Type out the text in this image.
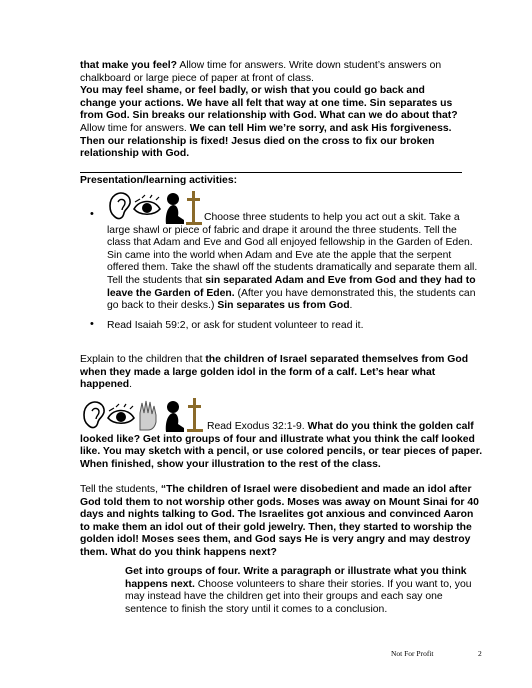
that make you feel? Allow time for answers. Write down student’s answers on
chalkboard or large piece of paper at front of class.
You may feel shame, or feel badly, or wish that you could go back and
change your actions. We have all felt that way at one time. Sin separates us
from God. Sin breaks our relationship with God. What can we do about that?
Allow time for answers. We can tell Him we’re sorry, and ask His forgiveness.
Then our relationship is fixed! Jesus died on the cross to fix our broken
relationship with God.
Presentation/learning activities:
•	Choose three students to help you act out a skit. Take a
large shawl or piece of fabric and drape it around the three students. Tell the
class that Adam and Eve and God all enjoyed fellowship in the Garden of Eden.
Sin came into the world when Adam and Eve ate the apple that the serpent
offered them. Take the shawl off the students dramatically and separate them all.
Tell the students that sin separated Adam and Eve from God and they had to
leave the Garden of Eden. (After you have demonstrated this, the students can
go back to their desks.) Sin separates us from God.
• Read Isaiah 59:2, or ask for student volunteer to read it.
Explain to the children that the children of Israel separated themselves from God
when they made a large golden idol in the form of a calf. Let’s hear what
happened.
Read Exodus 32:1-9. What do you think the golden calf
looked like? Get into groups of four and illustrate what you think the calf looked
like. You may sketch with a pencil, or use colored pencils, or tear pieces of paper.
When finished, show your illustration to the rest of the class.
Tell the students, “The children of Israel were disobedient and made an idol after
God told them to not worship other gods. Moses was away on Mount Sinai for 40
days and nights talking to God. The Israelites got anxious and convinced Aaron
to make them an idol out of their gold jewelry. Then, they started to worship the
golden idol! Moses sees them, and God says He is very angry and may destroy
them. What do you think happens next?
Get into groups of four. Write a paragraph or illustrate what you think
happens next. Choose volunteers to share their stories. If you want to, you
may instead have the children get into their groups and each say one
sentence to finish the story until it comes to a conclusion.
Not For Profit	2
